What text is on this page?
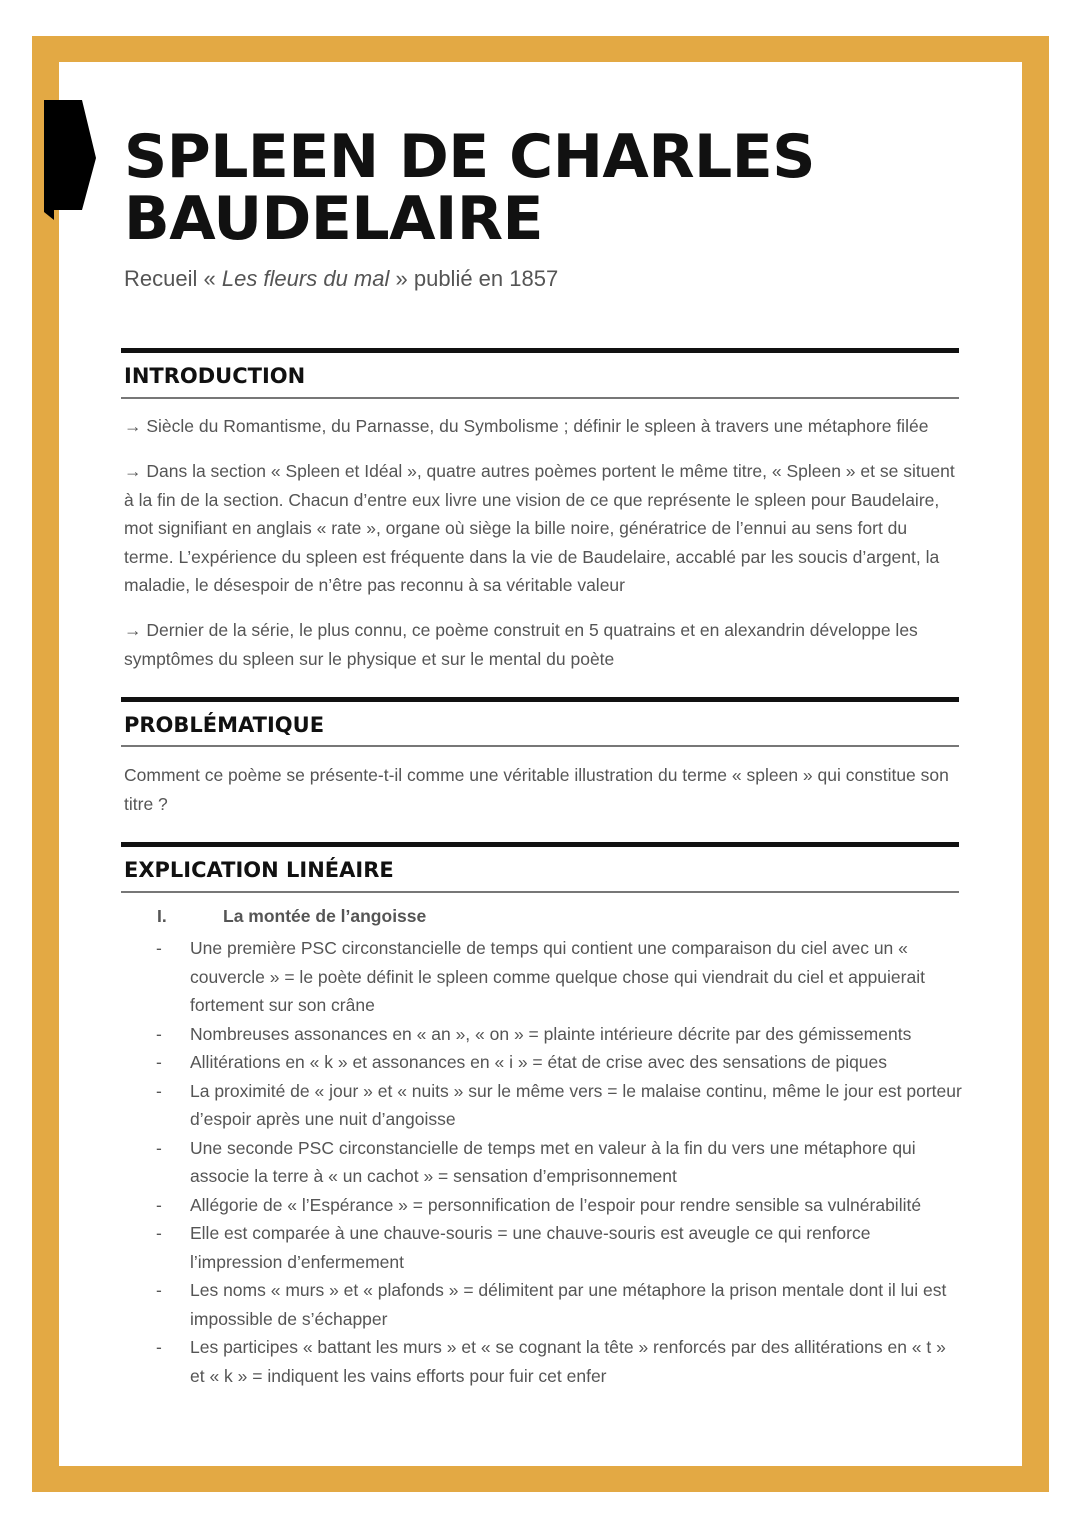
SPLEEN DE CHARLES
BAUDELAIRE
Recueil « Les fleurs du mal » publié en 1857
INTRODUCTION

→ Siècle du Romantisme, du Parnasse, du Symbolisme ; définir le spleen à travers une métaphore filée

→ Dans la section « Spleen et Idéal », quatre autres poèmes portent le même titre, « Spleen » et se situent à la fin de la section. Chacun d’entre eux livre une vision de ce que représente le spleen pour Baudelaire, mot signifiant en anglais « rate », organe où siège la bille noire, génératrice de l’ennui au sens fort du terme. L’expérience du spleen est fréquente dans la vie de Baudelaire, accablé par les soucis d’argent, la maladie, le désespoir de n’être pas reconnu à sa véritable valeur

→ Dernier de la série, le plus connu, ce poème construit en 5 quatrains et en alexandrin développe les symptômes du spleen sur le physique et sur le mental du poète

PROBLÉMATIQUE

Comment ce poème se présente-t-il comme une véritable illustration du terme « spleen » qui constitue son titre ?

EXPLICATION LINÉAIRE
I.	La montée de l’angoisse
- Une première PSC circonstancielle de temps qui contient une comparaison du ciel avec un « couvercle » = le poète définit le spleen comme quelque chose qui viendrait du ciel et appuierait fortement sur son crâne
- Nombreuses assonances en « an », « on » = plainte intérieure décrite par des gémissements
- Allitérations en « k » et assonances en « i » = état de crise avec des sensations de piques
- La proximité de « jour » et « nuits » sur le même vers = le malaise continu, même le jour est porteur d’espoir après une nuit d’angoisse
- Une seconde PSC circonstancielle de temps met en valeur à la fin du vers une métaphore qui associe la terre à « un cachot » = sensation d’emprisonnement
- Allégorie de « l’Espérance » = personnification de l’espoir pour rendre sensible sa vulnérabilité
- Elle est comparée à une chauve-souris = une chauve-souris est aveugle ce qui renforce l’impression d’enfermement
- Les noms « murs » et « plafonds » = délimitent par une métaphore la prison mentale dont il lui est impossible de s’échapper
- Les participes « battant les murs » et « se cognant la tête » renforcés par des allitérations en « t » et « k » = indiquent les vains efforts pour fuir cet enfer
